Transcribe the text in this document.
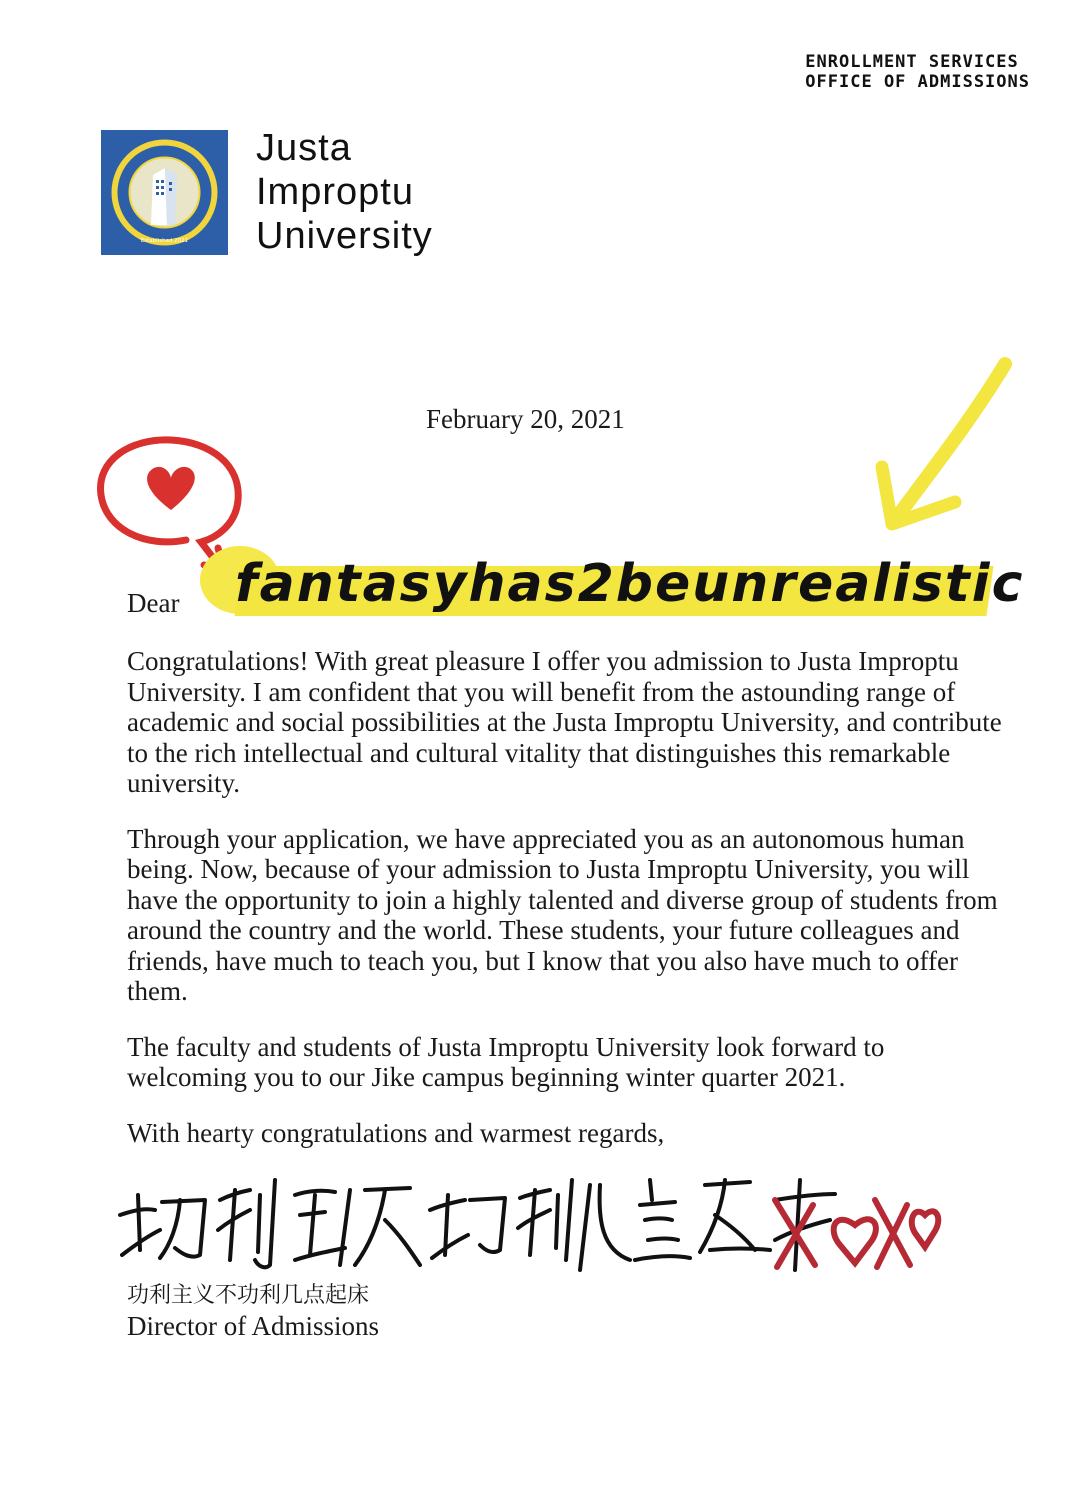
ENROLLMENT SERVICES
OFFICE OF ADMISSIONS
Established 2021
Justa
Improptu
University
February 20, 2021
Dear fantasyhas2beunrealistic

Congratulations! With great pleasure I offer you admission to Justa Improptu University. I am confident that you will benefit from the astounding range of academic and social possibilities at the Justa Improptu University, and contribute to the rich intellectual and cultural vitality that distinguishes this remarkable university.

Through your application, we have appreciated you as an autonomous human being. Now, because of your admission to Justa Improptu University, you will have the opportunity to join a highly talented and diverse group of students from around the country and the world. These students, your future colleagues and friends, have much to teach you, but I know that you also have much to offer them.

The faculty and students of Justa Improptu University look forward to welcoming you to our Jike campus beginning winter quarter 2021.

With hearty congratulations and warmest regards,

功利主义不功利几点起床
Director of Admissions
